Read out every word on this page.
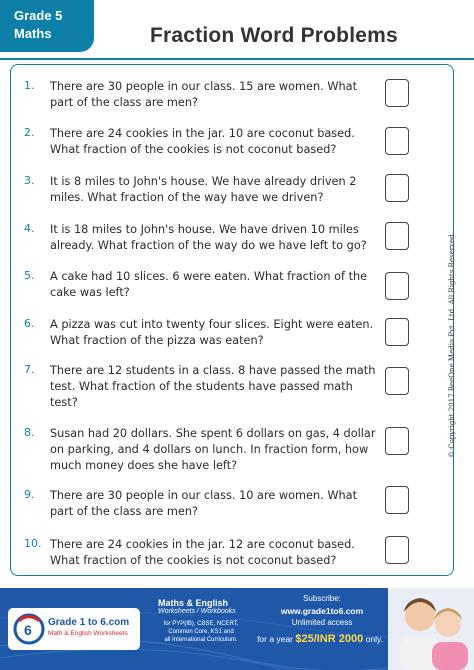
Grade 5
Maths	Fraction Word Problems
1. There are 30 people in our class. 15 are women. What part of the class are men?
2. There are 24 cookies in the jar. 10 are coconut based. What fraction of the cookies is not coconut based?
3. It is 8 miles to John's house. We have already driven 2 miles. What fraction of the way have we driven?
4. It is 18 miles to John's house. We have driven 10 miles already. What fraction of the way do we have left to go?
5. A cake had 10 slices. 6 were eaten. What fraction of the cake was left?
6. A pizza was cut into twenty four slices. Eight were eaten. What fraction of the pizza was eaten?
7. There are 12 students in a class. 8 have passed the math test. What fraction of the students have passed math test?
8. Susan had 20 dollars. She spent 6 dollars on gas, 4 dollar on parking, and 4 dollars on lunch. In fraction form, how much money does she have left?
9. There are 30 people in our class. 10 are women. What part of the class are men?
10. There are 24 cookies in the jar. 12 are coconut based. What fraction of the cookies is not coconut based?
© Copyright 2017 BeeOne Media Pvt. Ltd. All Rights Reserved.
6 Grade 1 to 6.com
Math & English Worksheets
Maths & English
Worksheets / Workbooks
for PYP(IB), CBSE, NCERT,
Common Core, KS1 and
all International Curriculum.
Subscribe:
www.grade1to6.com
Unlimited access
for a year $25/INR 2000 only.
